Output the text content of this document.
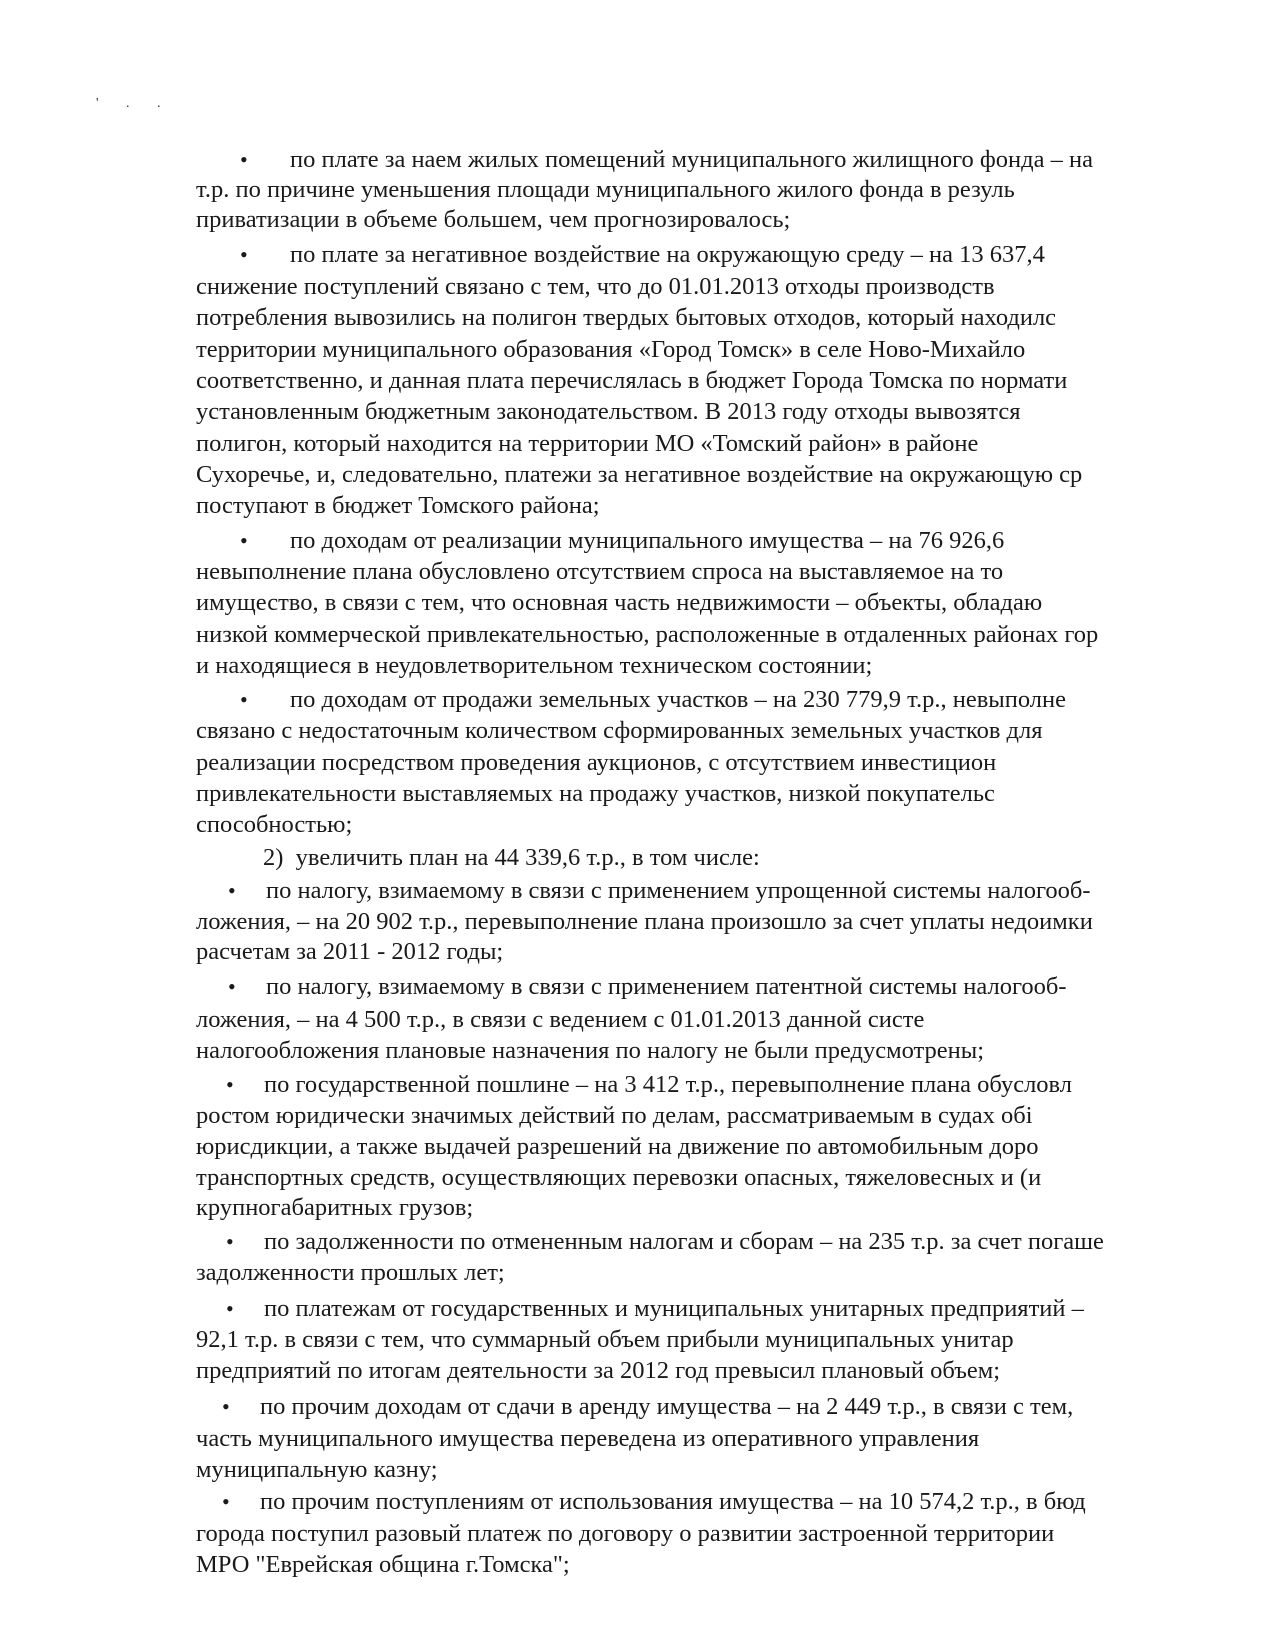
' . .
• по плате за наем жилых помещений муниципального жилищного фонда – на
т.р. по причине уменьшения площади муниципального жилого фонда в резуль
приватизации в объеме большем, чем прогнозировалось;
• по плате за негативное воздействие на окружающую среду – на 13 637,4
снижение поступлений связано с тем, что до 01.01.2013 отходы производств
потребления вывозились на полигон твердых бытовых отходов, который находилс
территории муниципального образования «Город Томск» в селе Ново-Михайло
соответственно, и данная плата перечислялась в бюджет Города Томска по нормати
установленным бюджетным законодательством. В 2013 году отходы вывозятся
полигон, который находится на территории МО «Томский район» в районе
Сухоречье, и, следовательно, платежи за негативное воздействие на окружающую ср
поступают в бюджет Томского района;
• по доходам от реализации муниципального имущества – на 76 926,6
невыполнение плана обусловлено отсутствием спроса на выставляемое на то
имущество, в связи с тем, что основная часть недвижимости – объекты, обладаю
низкой коммерческой привлекательностью, расположенные в отдаленных районах гор
и находящиеся в неудовлетворительном техническом состоянии;
• по доходам от продажи земельных участков – на 230 779,9 т.р., невыполне
связано с недостаточным количеством сформированных земельных участков для
реализации посредством проведения аукционов, с отсутствием инвестицион
привлекательности выставляемых на продажу участков, низкой покупательс
способностью;
2) увеличить план на 44 339,6 т.р., в том числе:
• по налогу, взимаемому в связи с применением упрощенной системы налогооб-
ложения, – на 20 902 т.р., перевыполнение плана произошло за счет уплаты недоимки
расчетам за 2011 - 2012 годы;
• по налогу, взимаемому в связи с применением патентной системы налогооб-
ложения, – на 4 500 т.р., в связи с ведением с 01.01.2013 данной систе
налогообложения плановые назначения по налогу не были предусмотрены;
• по государственной пошлине – на 3 412 т.р., перевыполнение плана обусловл
ростом юридически значимых действий по делам, рассматриваемым в судах обі
юрисдикции, а также выдачей разрешений на движение по автомобильным доро
транспортных средств, осуществляющих перевозки опасных, тяжеловесных и (и
крупногабаритных грузов;
• по задолженности по отмененным налогам и сборам – на 235 т.р. за счет погаше
задолженности прошлых лет;
• по платежам от государственных и муниципальных унитарных предприятий –
92,1 т.р. в связи с тем, что суммарный объем прибыли муниципальных унитар
предприятий по итогам деятельности за 2012 год превысил плановый объем;
• по прочим доходам от сдачи в аренду имущества – на 2 449 т.р., в связи с тем,
часть муниципального имущества переведена из оперативного управления
муниципальную казну;
• по прочим поступлениям от использования имущества – на 10 574,2 т.р., в бюд
города поступил разовый платеж по договору о развитии застроенной территории
МРО "Еврейская община г.Томска";
